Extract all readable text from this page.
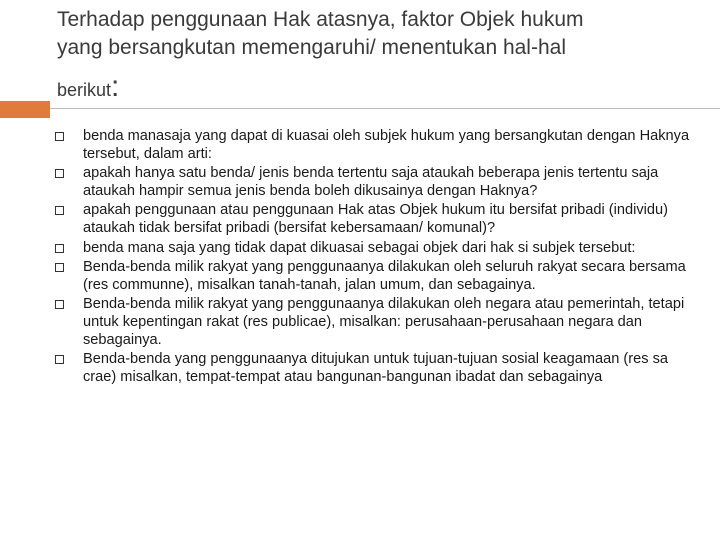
Terhadap penggunaan Hak atasnya, faktor Objek hukum
yang bersangkutan memengaruhi/ menentukan hal-hal
berikut:
benda manasaja yang dapat di kuasai oleh subjek hukum yang bersangkutan dengan Haknya tersebut, dalam arti:
apakah hanya satu benda/ jenis benda tertentu saja ataukah beberapa jenis tertentu saja ataukah hampir semua jenis benda boleh dikusainya dengan Haknya?
apakah penggunaan atau penggunaan Hak atas Objek hukum itu bersifat pribadi (individu) ataukah tidak bersifat pribadi (bersifat kebersamaan/ komunal)?
benda mana saja yang tidak dapat dikuasai sebagai objek dari hak si subjek tersebut:
Benda-benda milik rakyat yang penggunaanya dilakukan oleh seluruh rakyat secara bersama (res communne), misalkan tanah-tanah, jalan umum, dan sebagainya.
Benda-benda milik rakyat yang penggunaanya dilakukan oleh negara atau pemerintah, tetapi untuk kepentingan rakat (res publicae), misalkan: perusahaan-perusahaan negara dan sebagainya.
Benda-benda yang penggunaanya ditujukan untuk tujuan-tujuan sosial keagamaan (res sa crae) misalkan, tempat-tempat atau bangunan-bangunan ibadat dan sebagainya
